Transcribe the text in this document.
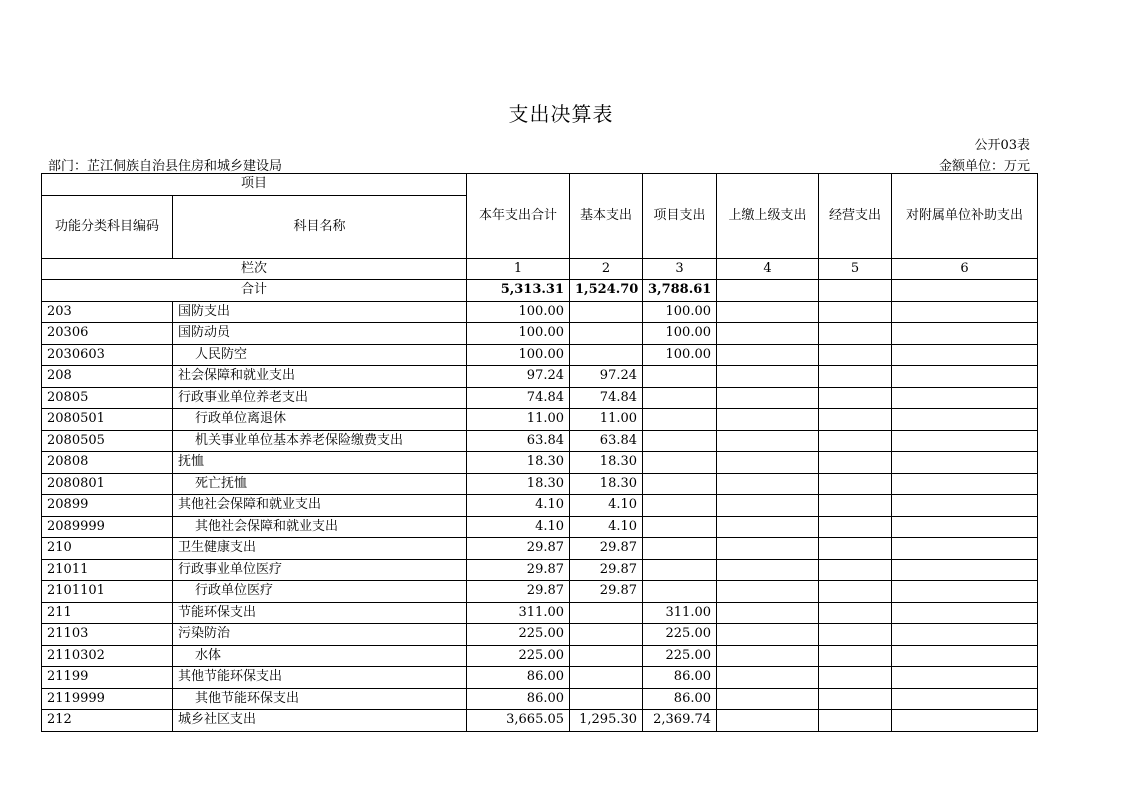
支出决算表
公开03表
部门：芷江侗族自治县住房和城乡建设局	金额单位：万元
项目		本年支出合计	基本支出	项目支出	上缴上级支出	经营支出	对附属单位补助支出
功能分类科目编码	科目名称						
栏次		1	2	3	4	5	6
合计		5,313.31	1,524.70	3,788.61			
203	国防支出	100.00		100.00			
20306	国防动员	100.00		100.00			
2030603	人民防空	100.00		100.00			
208	社会保障和就业支出	97.24	97.24				
20805	行政事业单位养老支出	74.84	74.84				
2080501	行政单位离退休	11.00	11.00				
2080505	机关事业单位基本养老保险缴费支出	63.84	63.84				
20808	抚恤	18.30	18.30				
2080801	死亡抚恤	18.30	18.30				
20899	其他社会保障和就业支出	4.10	4.10				
2089999	其他社会保障和就业支出	4.10	4.10				
210	卫生健康支出	29.87	29.87				
21011	行政事业单位医疗	29.87	29.87				
2101101	行政单位医疗	29.87	29.87				
211	节能环保支出	311.00		311.00			
21103	污染防治	225.00		225.00			
2110302	水体	225.00		225.00			
21199	其他节能环保支出	86.00		86.00			
2119999	其他节能环保支出	86.00		86.00			
212	城乡社区支出	3,665.05	1,295.30	2,369.74			
